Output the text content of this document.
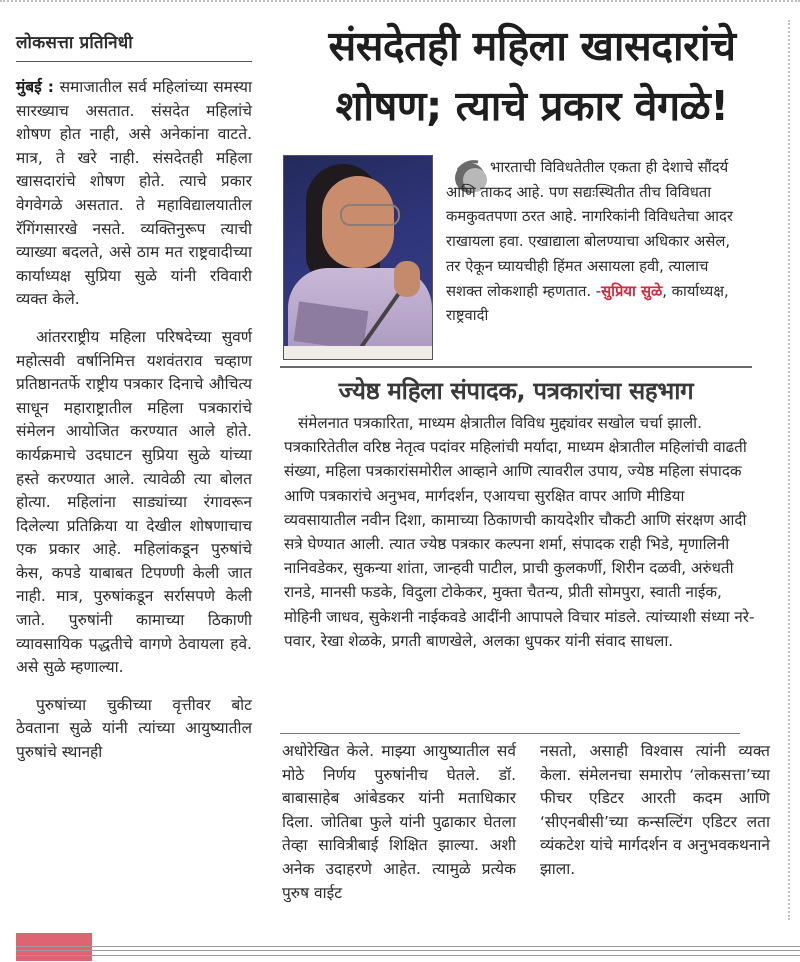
लोकसत्ता प्रतिनिधी

मुंबई : समाजातील सर्व महिलांच्या समस्या सारख्याच असतात. संसदेत महिलांचे शोषण होत नाही, असे अनेकांना वाटते. मात्र, ते खरे नाही. संसदेतही महिला खासदारांचे शोषण होते. त्याचे प्रकार वेगवेगळे असतात. ते महाविद्यालयातील रॅगिंगसारखे नसते. व्यक्तिनुरूप त्याची व्याख्या बदलते, असे ठाम मत राष्ट्रवादीच्या कार्याध्यक्ष सुप्रिया सुळे यांनी रविवारी व्यक्त केले.

आंतरराष्ट्रीय महिला परिषदेच्या सुवर्ण महोत्सवी वर्षानिमित्त यशवंतराव चव्हाण प्रतिष्ठानतर्फे राष्ट्रीय पत्रकार दिनाचे औचित्य साधून महाराष्ट्रातील महिला पत्रकारांचे संमेलन आयोजित करण्यात आले होते. कार्यक्रमाचे उदघाटन सुप्रिया सुळे यांच्या हस्ते करण्यात आले. त्यावेळी त्या बोलत होत्या. महिलांना साड्यांच्या रंगावरून दिलेल्या प्रतिक्रिया या देखील शोषणाचाच एक प्रकार आहे. महिलांकडून पुरुषांचे केस, कपडे याबाबत टिपण्णी केली जात नाही. मात्र, पुरुषांकडून सर्रासपणे केली जाते. पुरुषांनी कामाच्या ठिकाणी व्यावसायिक पद्धतीचे वागणे ठेवायला हवे. असे सुळे म्हणाल्या.

पुरुषांच्या चुकीच्या वृत्तीवर बोट ठेवताना सुळे यांनी त्यांच्या आयुष्यातील पुरुषांचे स्थानही

संसदेतही महिला खासदारांचे शोषण; त्याचे प्रकार वेगळे!
भारताची विविधतेतील एकता ही देशाचे सौंदर्य आणि ताकद आहे. पण सद्यःस्थितीत तीच विविधता कमकुवतपणा ठरत आहे. नागरिकांनी विविधतेचा आदर राखायला हवा. एखाद्याला बोलण्याचा अधिकार असेल, तर ऐकून घ्यायचीही हिंमत असायला हवी, त्यालाच सशक्त लोकशाही म्हणतात. -सुप्रिया सुळे, कार्याध्यक्ष, राष्ट्रवादी
ज्येष्ठ महिला संपादक, पत्रकारांचा सहभाग

संमेलनात पत्रकारिता, माध्यम क्षेत्रातील विविध मुद्द्यांवर सखोल चर्चा झाली. पत्रकारितेतील वरिष्ठ नेतृत्व पदांवर महिलांची मर्यादा, माध्यम क्षेत्रातील महिलांची वाढती संख्या, महिला पत्रकारांसमोरील आव्हाने आणि त्यावरील उपाय, ज्येष्ठ महिला संपादक आणि पत्रकारांचे अनुभव, मार्गदर्शन, एआयचा सुरक्षित वापर आणि मीडिया व्यवसायातील नवीन दिशा, कामाच्या ठिकाणची कायदेशीर चौकटी आणि संरक्षण आदी सत्रे घेण्यात आली. त्यात ज्येष्ठ पत्रकार कल्पना शर्मा, संपादक राही भिडे, मृणालिनी नानिवडेकर, सुकन्या शांता, जान्हवी पाटील, प्राची कुलकर्णी, शिरीन दळवी, अरुंधती रानडे, मानसी फडके, विदुला टोकेकर, मुक्ता चैतन्य, प्रीती सोमपुरा, स्वाती नाईक, मोहिनी जाधव, सुकेशनी नाईकवडे आदींनी आपापले विचार मांडले. त्यांच्याशी संध्या नरे- पवार, रेखा शेळके, प्रगती बाणखेले, अलका धुपकर यांनी संवाद साधला.

अधोरेखित केले. माझ्या आयुष्यातील सर्व मोठे निर्णय पुरुषांनीच घेतले. डॉ. बाबासाहेब आंबेडकर यांनी मताधिकार दिला. जोतिबा फुले यांनी पुढाकार घेतला तेव्हा सावित्रीबाई शिक्षित झाल्या. अशी अनेक उदाहरणे आहेत. त्यामुळे प्रत्येक पुरुष वाईट

नसतो, असाही विश्वास त्यांनी व्यक्त केला. संमेलनचा समारोप ‘लोकसत्ता’च्या फीचर एडिटर आरती कदम आणि ‘सीएनबीसी’च्या कन्सल्टिंग एडिटर लता व्यंकटेश यांचे मार्गदर्शन व अनुभवकथनाने झाला.
